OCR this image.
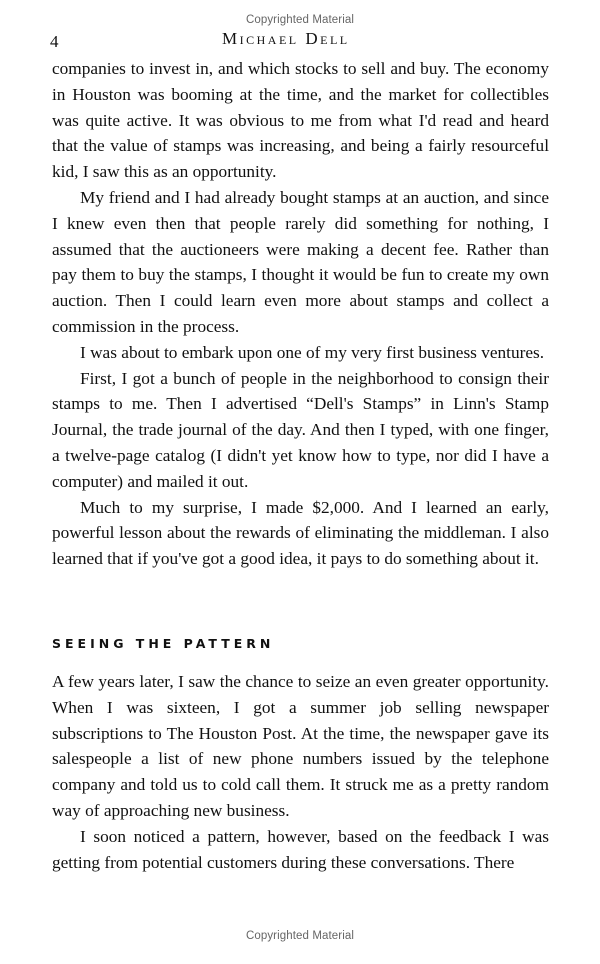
Copyrighted Material
4	Michael Dell

companies to invest in, and which stocks to sell and buy. The economy in Houston was booming at the time, and the market for collectibles was quite active. It was obvious to me from what I'd read and heard that the value of stamps was increasing, and being a fairly resourceful kid, I saw this as an opportunity.

My friend and I had already bought stamps at an auction, and since I knew even then that people rarely did something for nothing, I assumed that the auctioneers were making a decent fee. Rather than pay them to buy the stamps, I thought it would be fun to create my own auction. Then I could learn even more about stamps and collect a commission in the process.

I was about to embark upon one of my very first business ventures.

First, I got a bunch of people in the neighborhood to consign their stamps to me. Then I advertised “Dell's Stamps” in Linn's Stamp Journal, the trade journal of the day. And then I typed, with one finger, a twelve-page catalog (I didn't yet know how to type, nor did I have a computer) and mailed it out.

Much to my surprise, I made $2,000. And I learned an early, powerful lesson about the rewards of eliminating the middleman. I also learned that if you've got a good idea, it pays to do something about it.

SEEING THE PATTERN

A few years later, I saw the chance to seize an even greater opportunity. When I was sixteen, I got a summer job selling newspaper subscriptions to The Houston Post. At the time, the newspaper gave its salespeople a list of new phone numbers issued by the telephone company and told us to cold call them. It struck me as a pretty random way of approaching new business.

I soon noticed a pattern, however, based on the feedback I was getting from potential customers during these conversations. There

Copyrighted Material
